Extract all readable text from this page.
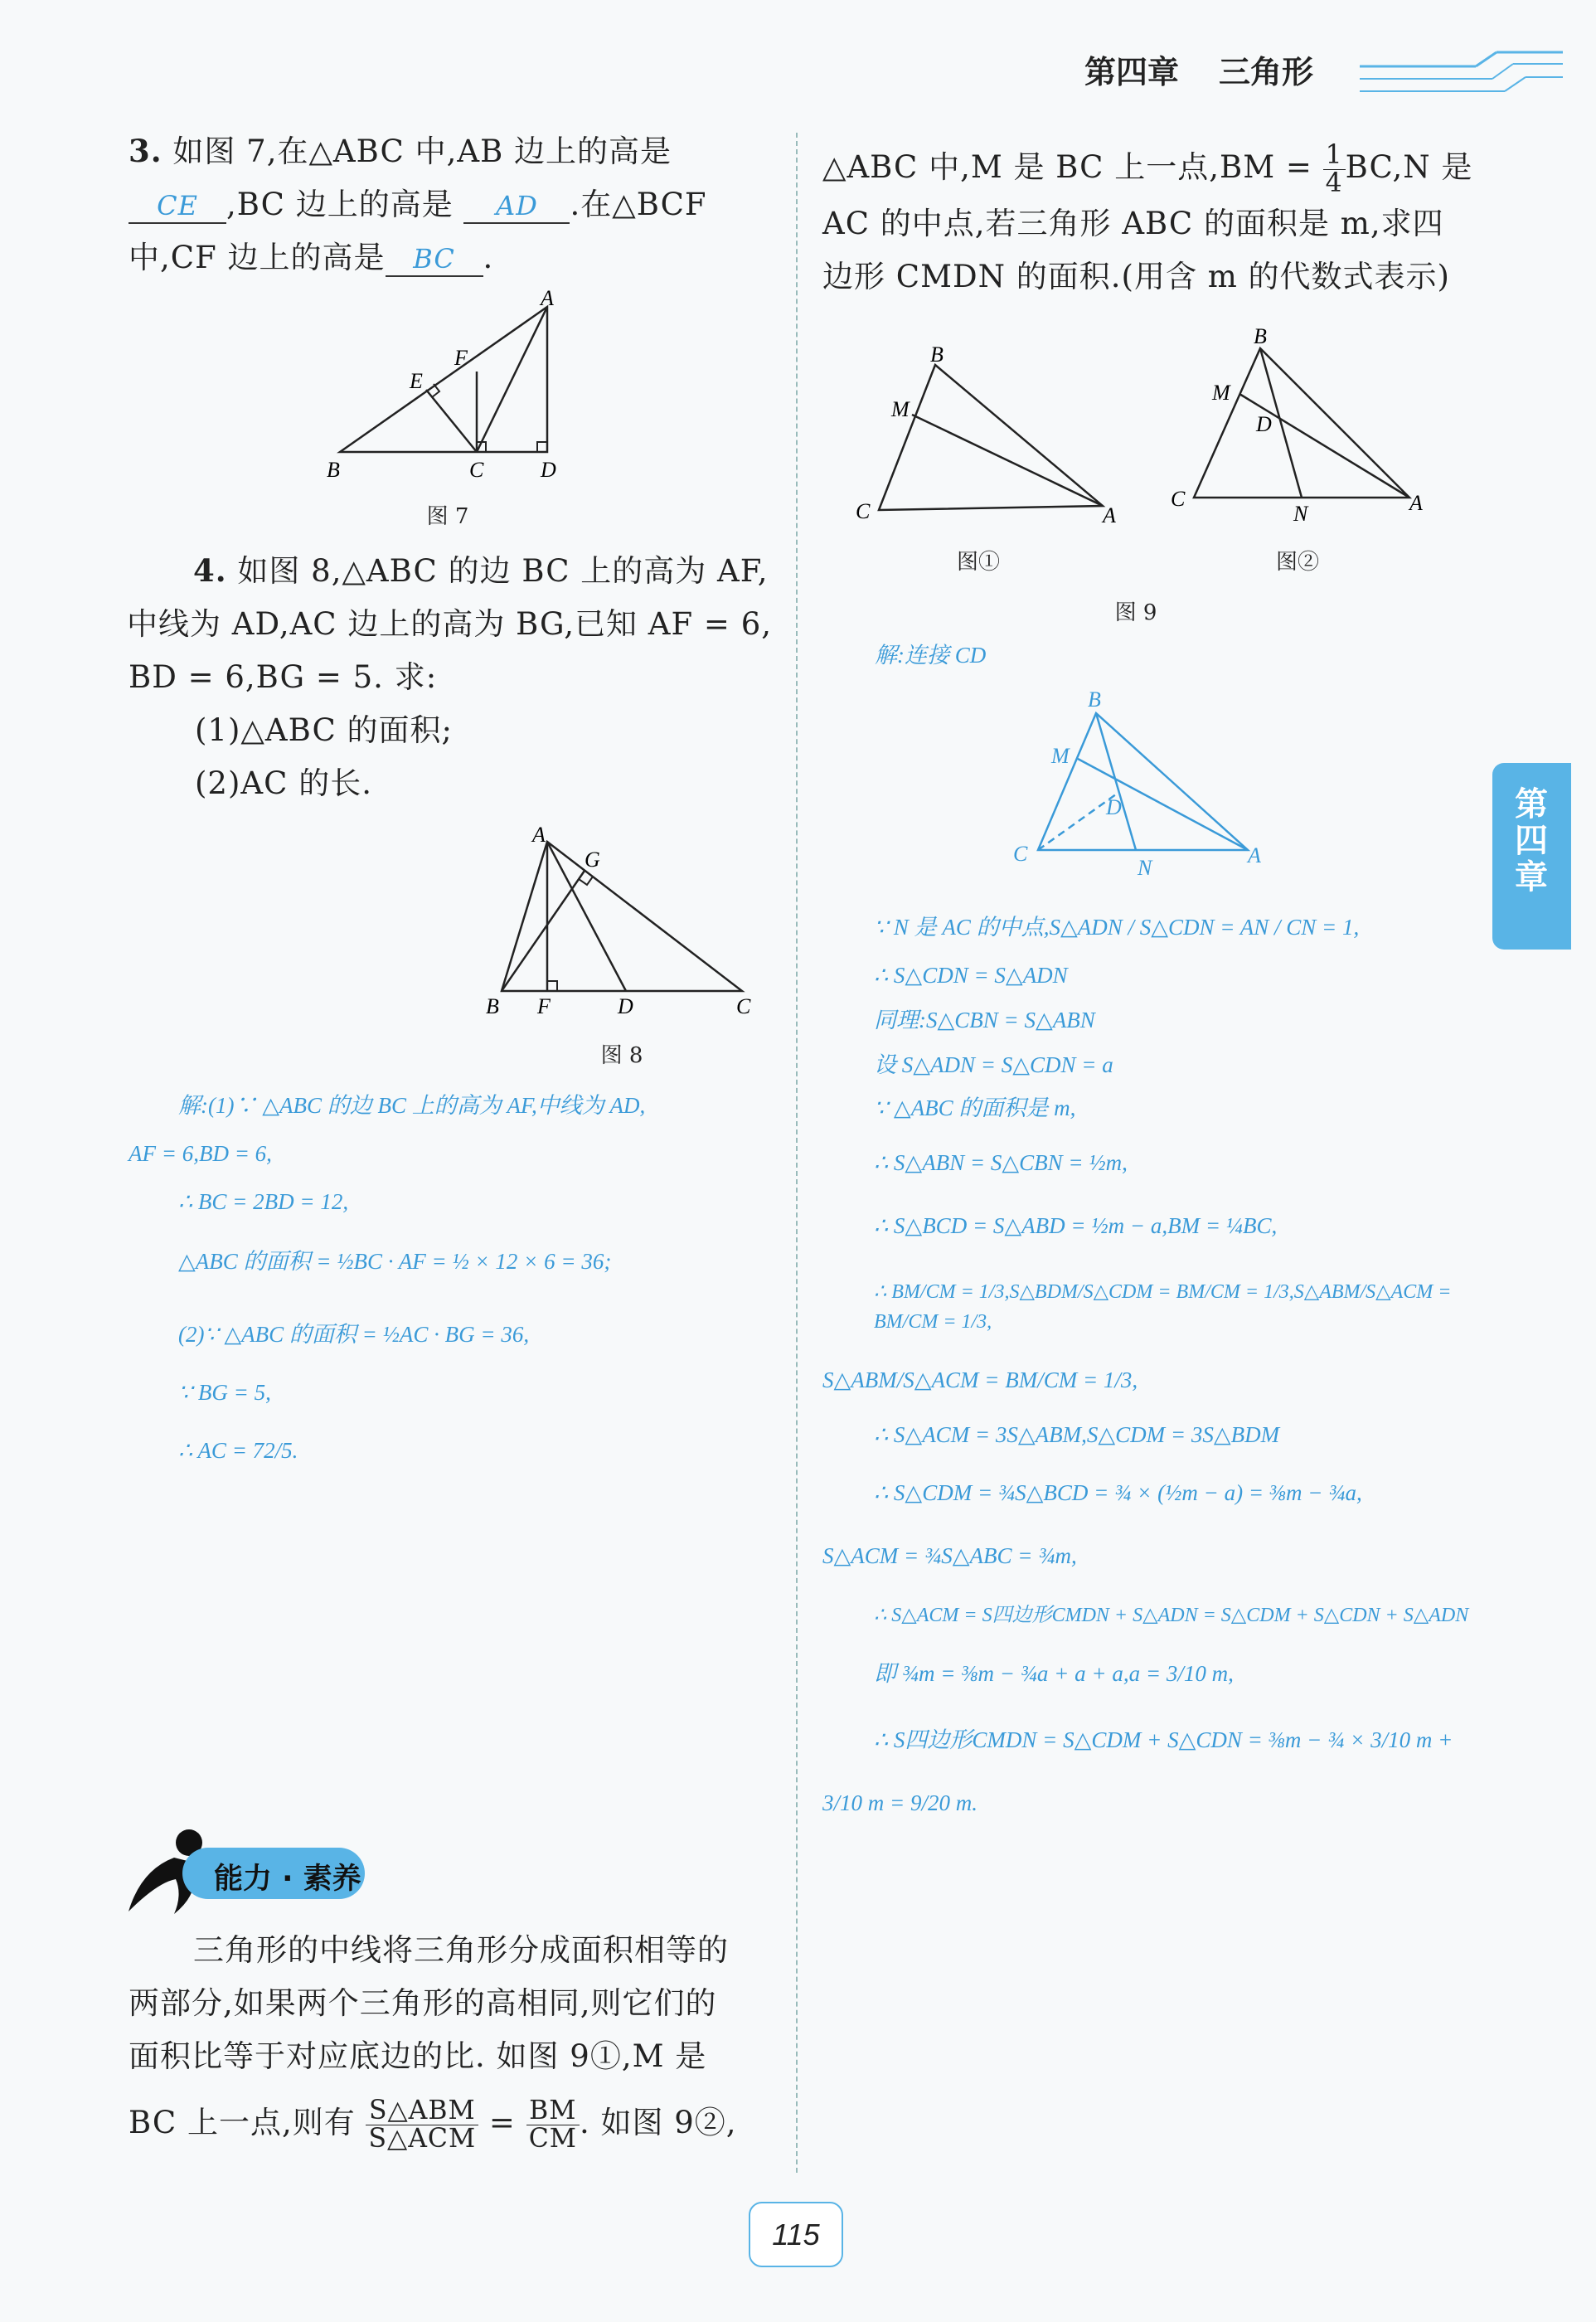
第四章 三角形
第四章
3. 如图 7,在△ABC 中,AB 边上的高是
CE ,BC 边上的高是 AD .在△BCF
中,CF 边上的高是 BC .
A
B	C	D
E
F
图 7
4. 如图 8,△ABC 的边 BC 上的高为 AF,
中线为 AD,AC 边上的高为 BG,已知 AF = 6,
BD = 6,BG = 5. 求:
(1)△ABC 的面积;
(2)AC 的长.
A
G
B F	D	C
图 8
解:(1)∵ △ABC 的边 BC 上的高为 AF,中线为 AD,
AF = 6,BD = 6,
∴ BC = 2BD = 12,
△ABC 的面积 = ½BC · AF = ½ × 12 × 6 = 36;
(2)∵ △ABC 的面积 = ½AC · BG = 36,
∵ BG = 5,
∴ AC = 72/5.
能力 · 素养
三角形的中线将三角形分成面积相等的
两部分,如果两个三角形的高相同,则它们的
面积比等于对应底边的比. 如图 9①,M 是
BC 上一点,则有 $\frac{\text{S△ABM}}{\text{S△ACM}} = \frac{BM}{CM}$ . 如图 9②,
△ABC 中,M 是 BC 上一点$,BM = \frac{1}{4} BC,N$ 是
AC 的中点,若三角形 ABC 的面积是 m,求四
边形 CMDN 的面积.(用含 m 的代数式表示)
B
M
C	A
图①
B
M
D
C
N	A
图②
图 9
解:连接 CD
B
M
D
C
N
A
∵ N 是 AC 的中点,S△ADN / S△CDN = AN / CN = 1,
∴ S△CDN = S△ADN
同理:S△CBN = S△ABN
设 S△ADN = S△CDN = a
∵ △ABC 的面积是 m,
∴ S△ABN = S△CBN = ½m,
∴ S△BCD = S△ABD = ½m − a,BM = ¼BC,
∴ BM/CM = 1/3,S△BDM/S△CDM = BM/CM = 1/3,S△ABM/S△ACM = BM/CM = 1/3,
S△ABM/S△ACM = BM/CM = 1/3,
∴ S△ACM = 3S△ABM,S△CDM = 3S△BDM
∴ S△CDM = ¾S△BCD = ¾ × (½m − a) = ⅜m − ¾a,
S△ACM = ¾S△ABC = ¾m,
∴ S△ACM = S四边形CMDN + S△ADN = S△CDM + S△CDN + S△ADN
即 ¾m = ⅜m − ¾a + a + a,a = 3/10 m,
∴ S四边形CMDN = S△CDM + S△CDN = ⅜m − ¾ × 3/10 m +
3/10 m = 9/20 m.
115
